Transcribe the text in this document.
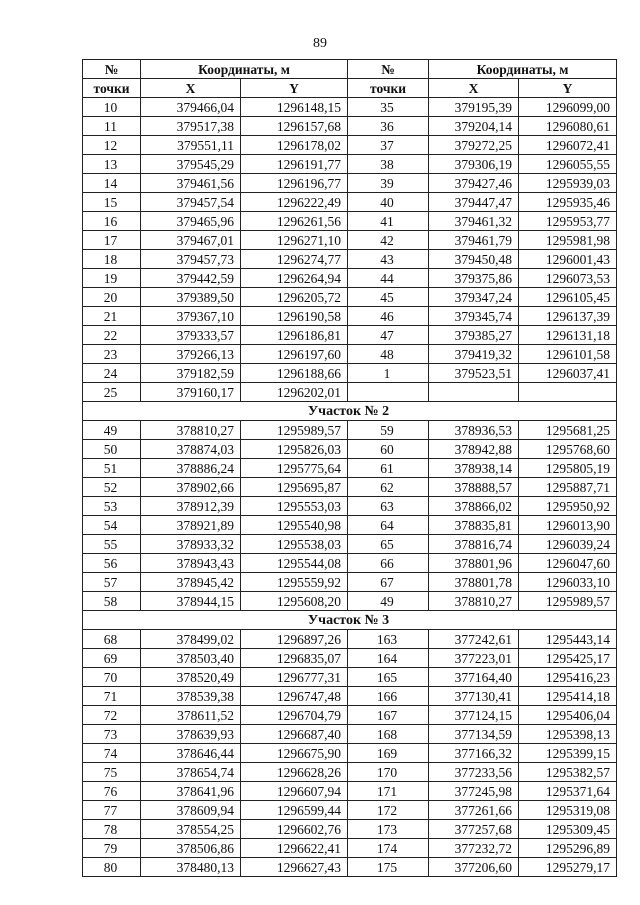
89
№	Координаты, м		№	Координаты, м	
точки	X	Y	точки	X	Y
10	379466,04	1296148,15	35	379195,39	1296099,00
11	379517,38	1296157,68	36	379204,14	1296080,61
12	379551,11	1296178,02	37	379272,25	1296072,41
13	379545,29	1296191,77	38	379306,19	1296055,55
14	379461,56	1296196,77	39	379427,46	1295939,03
15	379457,54	1296222,49	40	379447,47	1295935,46
16	379465,96	1296261,56	41	379461,32	1295953,77
17	379467,01	1296271,10	42	379461,79	1295981,98
18	379457,73	1296274,77	43	379450,48	1296001,43
19	379442,59	1296264,94	44	379375,86	1296073,53
20	379389,50	1296205,72	45	379347,24	1296105,45
21	379367,10	1296190,58	46	379345,74	1296137,39
22	379333,57	1296186,81	47	379385,27	1296131,18
23	379266,13	1296197,60	48	379419,32	1296101,58
24	379182,59	1296188,66	1	379523,51	1296037,41
25	379160,17	1296202,01			
Участок № 2					
49	378810,27	1295989,57	59	378936,53	1295681,25
50	378874,03	1295826,03	60	378942,88	1295768,60
51	378886,24	1295775,64	61	378938,14	1295805,19
52	378902,66	1295695,87	62	378888,57	1295887,71
53	378912,39	1295553,03	63	378866,02	1295950,92
54	378921,89	1295540,98	64	378835,81	1296013,90
55	378933,32	1295538,03	65	378816,74	1296039,24
56	378943,43	1295544,08	66	378801,96	1296047,60
57	378945,42	1295559,92	67	378801,78	1296033,10
58	378944,15	1295608,20	49	378810,27	1295989,57
Участок № 3					
68	378499,02	1296897,26	163	377242,61	1295443,14
69	378503,40	1296835,07	164	377223,01	1295425,17
70	378520,49	1296777,31	165	377164,40	1295416,23
71	378539,38	1296747,48	166	377130,41	1295414,18
72	378611,52	1296704,79	167	377124,15	1295406,04
73	378639,93	1296687,40	168	377134,59	1295398,13
74	378646,44	1296675,90	169	377166,32	1295399,15
75	378654,74	1296628,26	170	377233,56	1295382,57
76	378641,96	1296607,94	171	377245,98	1295371,64
77	378609,94	1296599,44	172	377261,66	1295319,08
78	378554,25	1296602,76	173	377257,68	1295309,45
79	378506,86	1296622,41	174	377232,72	1295296,89
80	378480,13	1296627,43	175	377206,60	1295279,17
